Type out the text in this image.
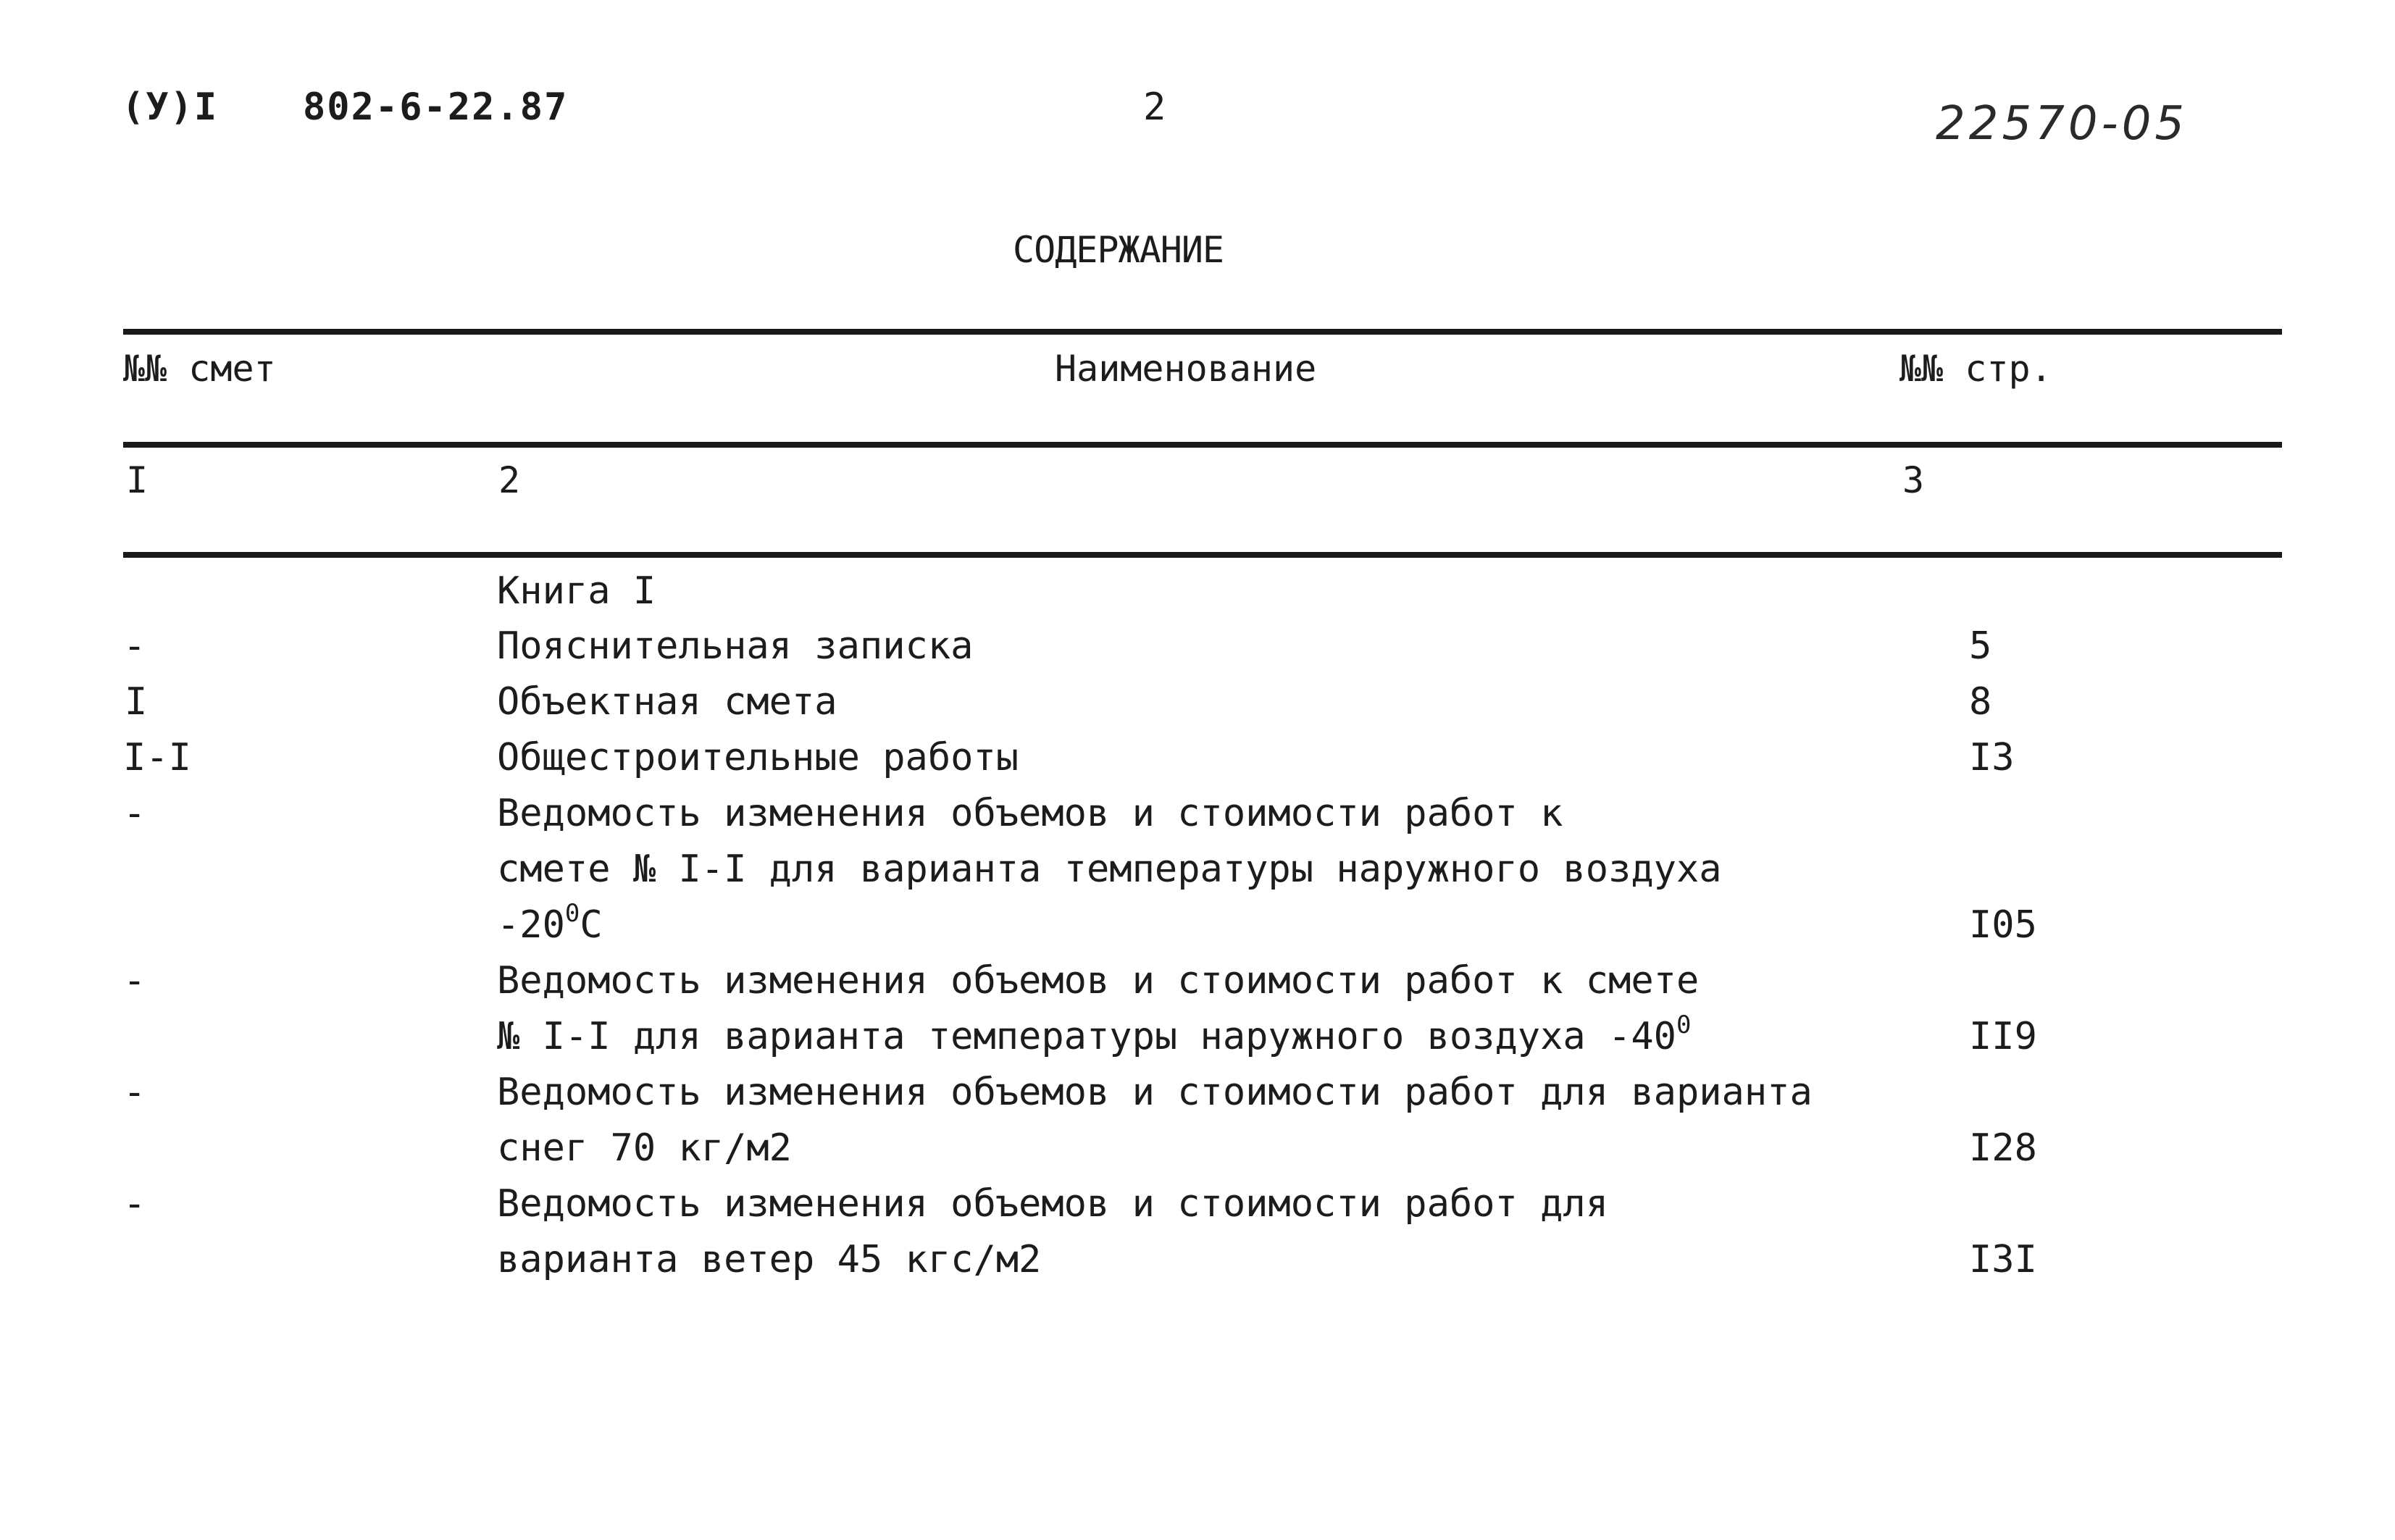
(У)I 802-6-22.87	2	22570-05
СОДЕРЖАНИЕ
№№ смет	Наименование	№№ стр.
I	2	3
Книга I
-	Пояснительная записка	5
I	Объектная смета	8
I-I	Общестроительные работы	I3
-	Ведомость изменения объемов и стоимости работ к
смете № I-I для варианта температуры наружного воздуха
$-20^0C$	I05
-	Ведомость изменения объемов и стоимости работ к смете
№ I-I для варианта температуры наружного воздуха $-40^0$	II9
-	Ведомость изменения объемов и стоимости работ для варианта
снег 70 кг/м2	I28
-	Ведомость изменения объемов и стоимости работ для
варианта ветер 45 кгс/м2	I3I
